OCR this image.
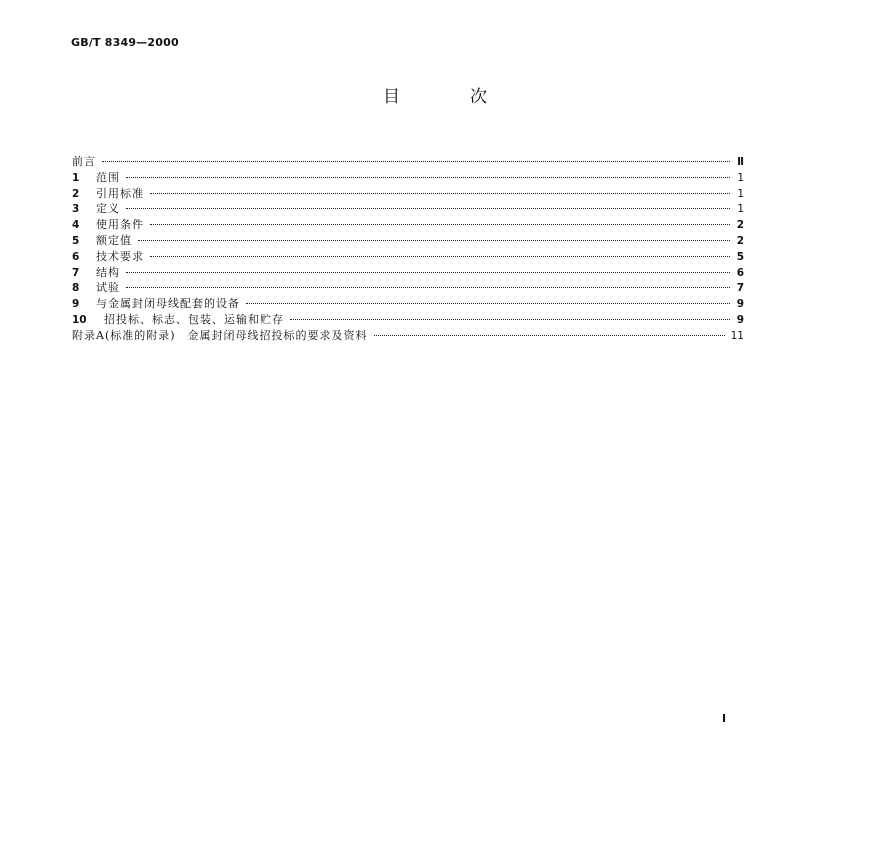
GB/T 8349—2000
目	次
前言	Ⅱ
1	范围	1
2	引用标准	1
3	定义	1
4	使用条件	2
5	额定值	2
6	技术要求	5
7	结构	6
8	试验	7
9	与金属封闭母线配套的设备	9
10	招投标、标志、包装、运输和贮存	9
附录A(标准的附录)　金属封闭母线招投标的要求及资料	11
I
